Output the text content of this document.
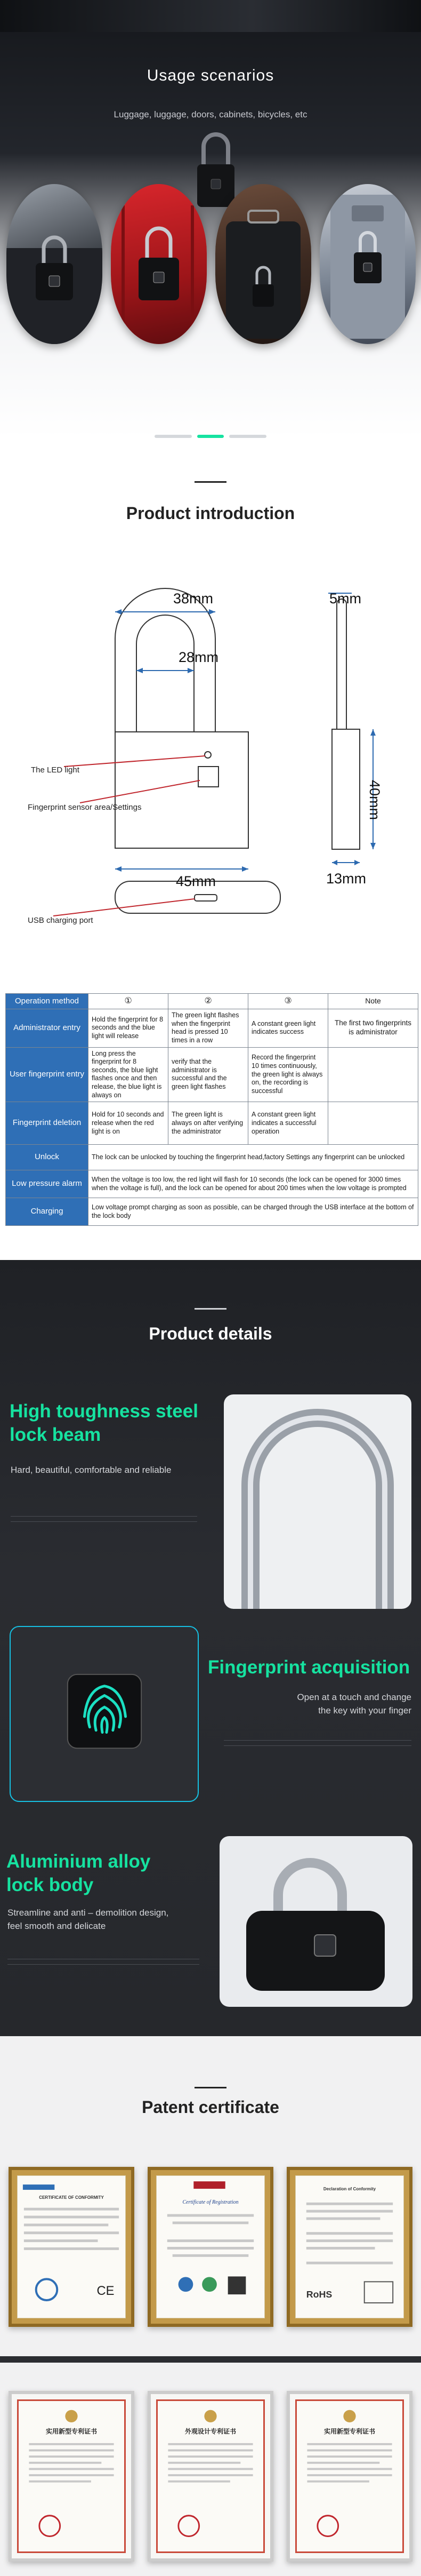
Usage scenarios

Luggage, luggage, doors, cabinets, bicycles, etc

Product introduction
38mm
28mm
45mm
5mm
40mm
13mm
The LED light
Fingerprint sensor area/Settings
USB charging port
Operation method	①	②	③	Note
Administrator entry	Hold the fingerprint for 8 seconds and the blue light will release	The green light flashes when the fingerprint head is pressed 10 times in a row	A constant green light indicates success	The first two fingerprints is administrator
User fingerprint entry	Long press the fingerprint for 8 seconds, the blue light flashes once and then release, the blue light is always on	verify that the administrator is successful and the green light flashes	Record the fingerprint 10 times continuously, the green light is always on, the recording is successful	
Fingerprint deletion	Hold for 10 seconds and release when the red light is on	The green light is always on after verifying the administrator	A constant green light indicates a successful operation	
Unlock	The lock can be unlocked by touching the fingerprint head,factory Settings any fingerprint can be unlocked			
Low pressure alarm	When the voltage is too low, the red light will flash for 10 seconds (the lock can be opened for 3000 times when the voltage is full), and the lock can be opened for about 200 times when the low voltage is prompted			
Charging	Low voltage prompt charging as soon as possible, can be charged through the USB interface at the bottom of the lock body			
Product details
High toughness steel
lock beam
Hard, beautiful, comfortable and reliable
Fingerprint acquisition
Open at a touch and change
the key with your finger
Aluminium alloy
lock body
Streamline and anti – demolition design,
feel smooth and delicate
Patent certificate
CE
CERTIFICATE OF CONFORMITY
Certificate of Registration
RoHS
Declaration of Conformity
实用新型专利证书	外观设计专利证书	实用新型专利证书
